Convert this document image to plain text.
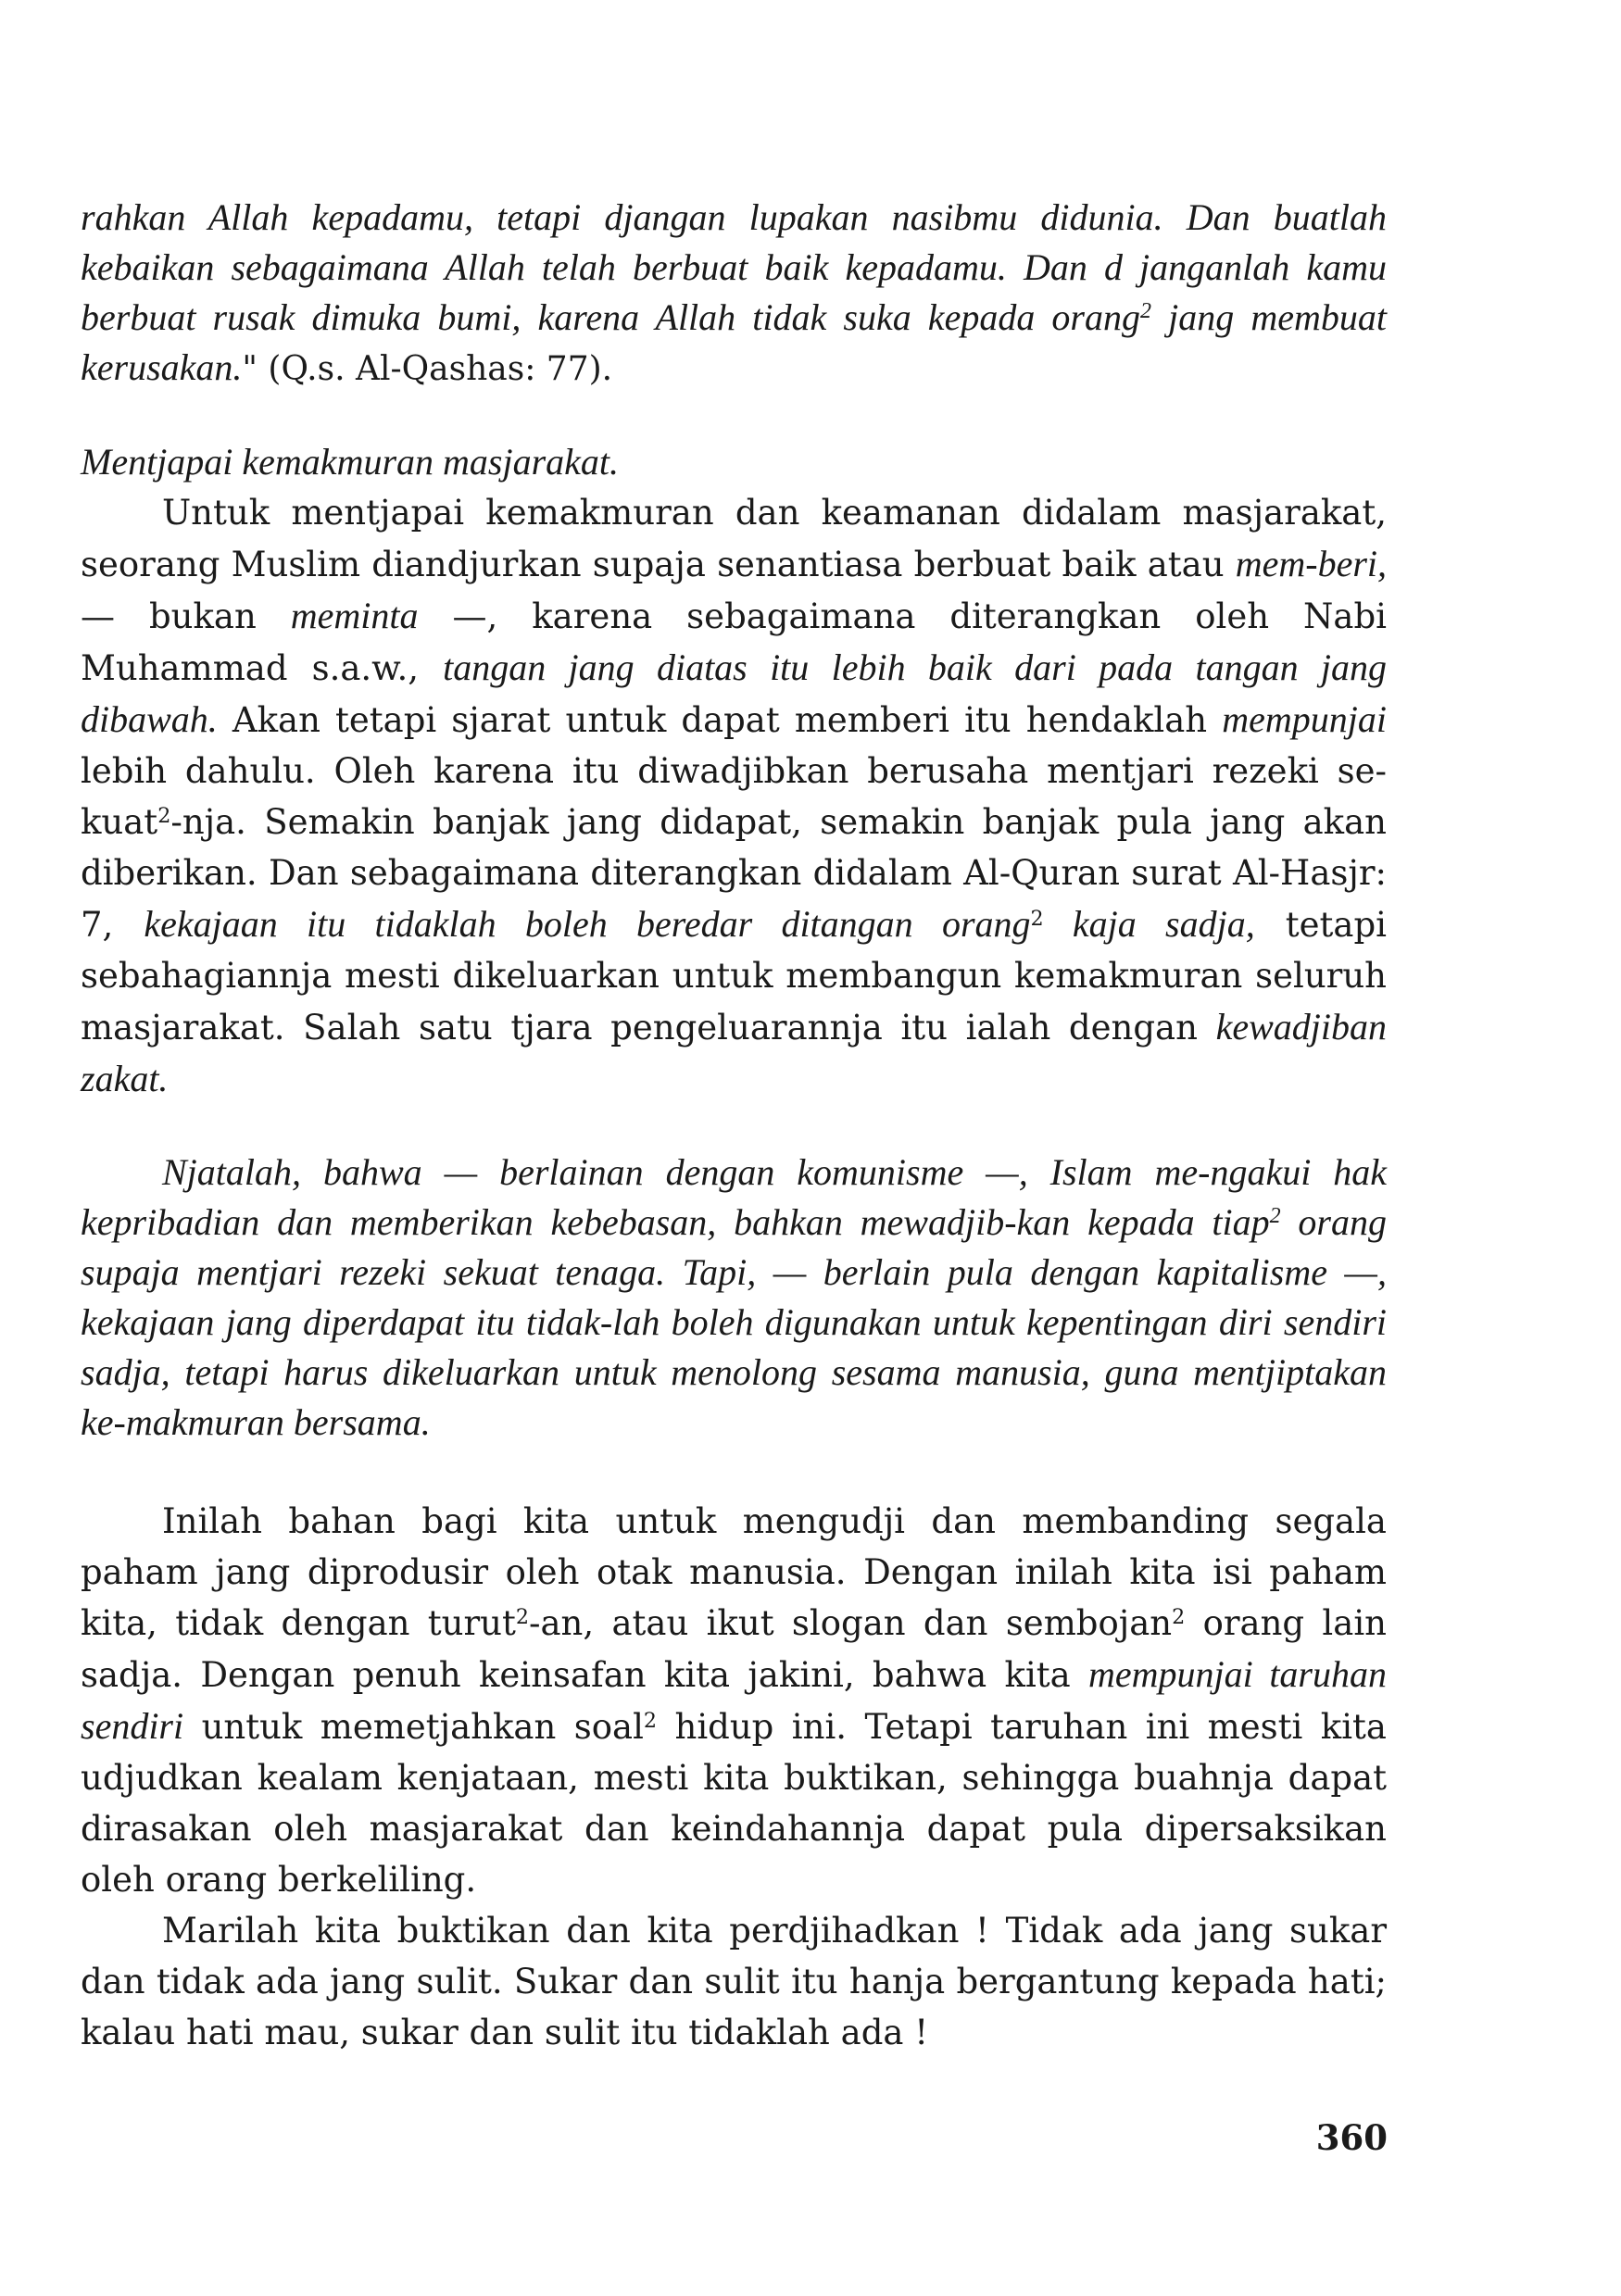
rahkan Allah kepadamu, tetapi djangan lupakan nasibmu didunia. Dan buatlah kebaikan sebagaimana Allah telah berbuat baik kepadamu. Dan d janganlah kamu berbuat rusak dimuka bumi, karena Allah tidak suka kepada orang$^2$ jang membuat kerusakan." (Q.s. Al-Qashas: 77).

Mentjapai kemakmuran masjarakat.

Untuk mentjapai kemakmuran dan keamanan didalam masjarakat, seorang Muslim diandjurkan supaja senantiasa berbuat baik atau mem-beri, — bukan meminta —, karena sebagaimana diterangkan oleh Nabi Muhammad s.a.w., tangan jang diatas itu lebih baik dari pada tangan jang dibawah. Akan tetapi sjarat untuk dapat memberi itu hendaklah mempunjai lebih dahulu. Oleh karena itu diwadjibkan berusaha mentjari rezeki se-kuat$^2$-nja. Semakin banjak jang didapat, semakin banjak pula jang akan diberikan. Dan sebagaimana diterangkan didalam Al-Quran surat Al-Hasjr: 7, kekajaan itu tidaklah boleh beredar ditangan orang$^2$ kaja sadja, tetapi sebahagiannja mesti dikeluarkan untuk membangun kemakmuran seluruh masjarakat. Salah satu tjara pengeluarannja itu ialah dengan kewadjiban zakat.

Njatalah, bahwa — berlainan dengan komunisme —, Islam me-ngakui hak kepribadian dan memberikan kebebasan, bahkan mewadjib-kan kepada tiap$^2$ orang supaja mentjari rezeki sekuat tenaga. Tapi, — berlain pula dengan kapitalisme —, kekajaan jang diperdapat itu tidak-lah boleh digunakan untuk kepentingan diri sendiri sadja, tetapi harus dikeluarkan untuk menolong sesama manusia, guna mentjiptakan ke-makmuran bersama.

Inilah bahan bagi kita untuk mengudji dan membanding segala paham jang diprodusir oleh otak manusia. Dengan inilah kita isi paham kita, tidak dengan turut$^2$-an, atau ikut slogan dan sembojan$^2$ orang lain sadja. Dengan penuh keinsafan kita jakini, bahwa kita mempunjai taruhan sendiri untuk memetjahkan soal$^2$ hidup ini. Tetapi taruhan ini mesti kita udjudkan kealam kenjataan, mesti kita buktikan, sehingga buahnja dapat dirasakan oleh masjarakat dan keindahannja dapat pula dipersaksikan oleh orang berkeliling.

Marilah kita buktikan dan kita perdjihadkan ! Tidak ada jang sukar dan tidak ada jang sulit. Sukar dan sulit itu hanja bergantung kepada hati; kalau hati mau, sukar dan sulit itu tidaklah ada !

360
